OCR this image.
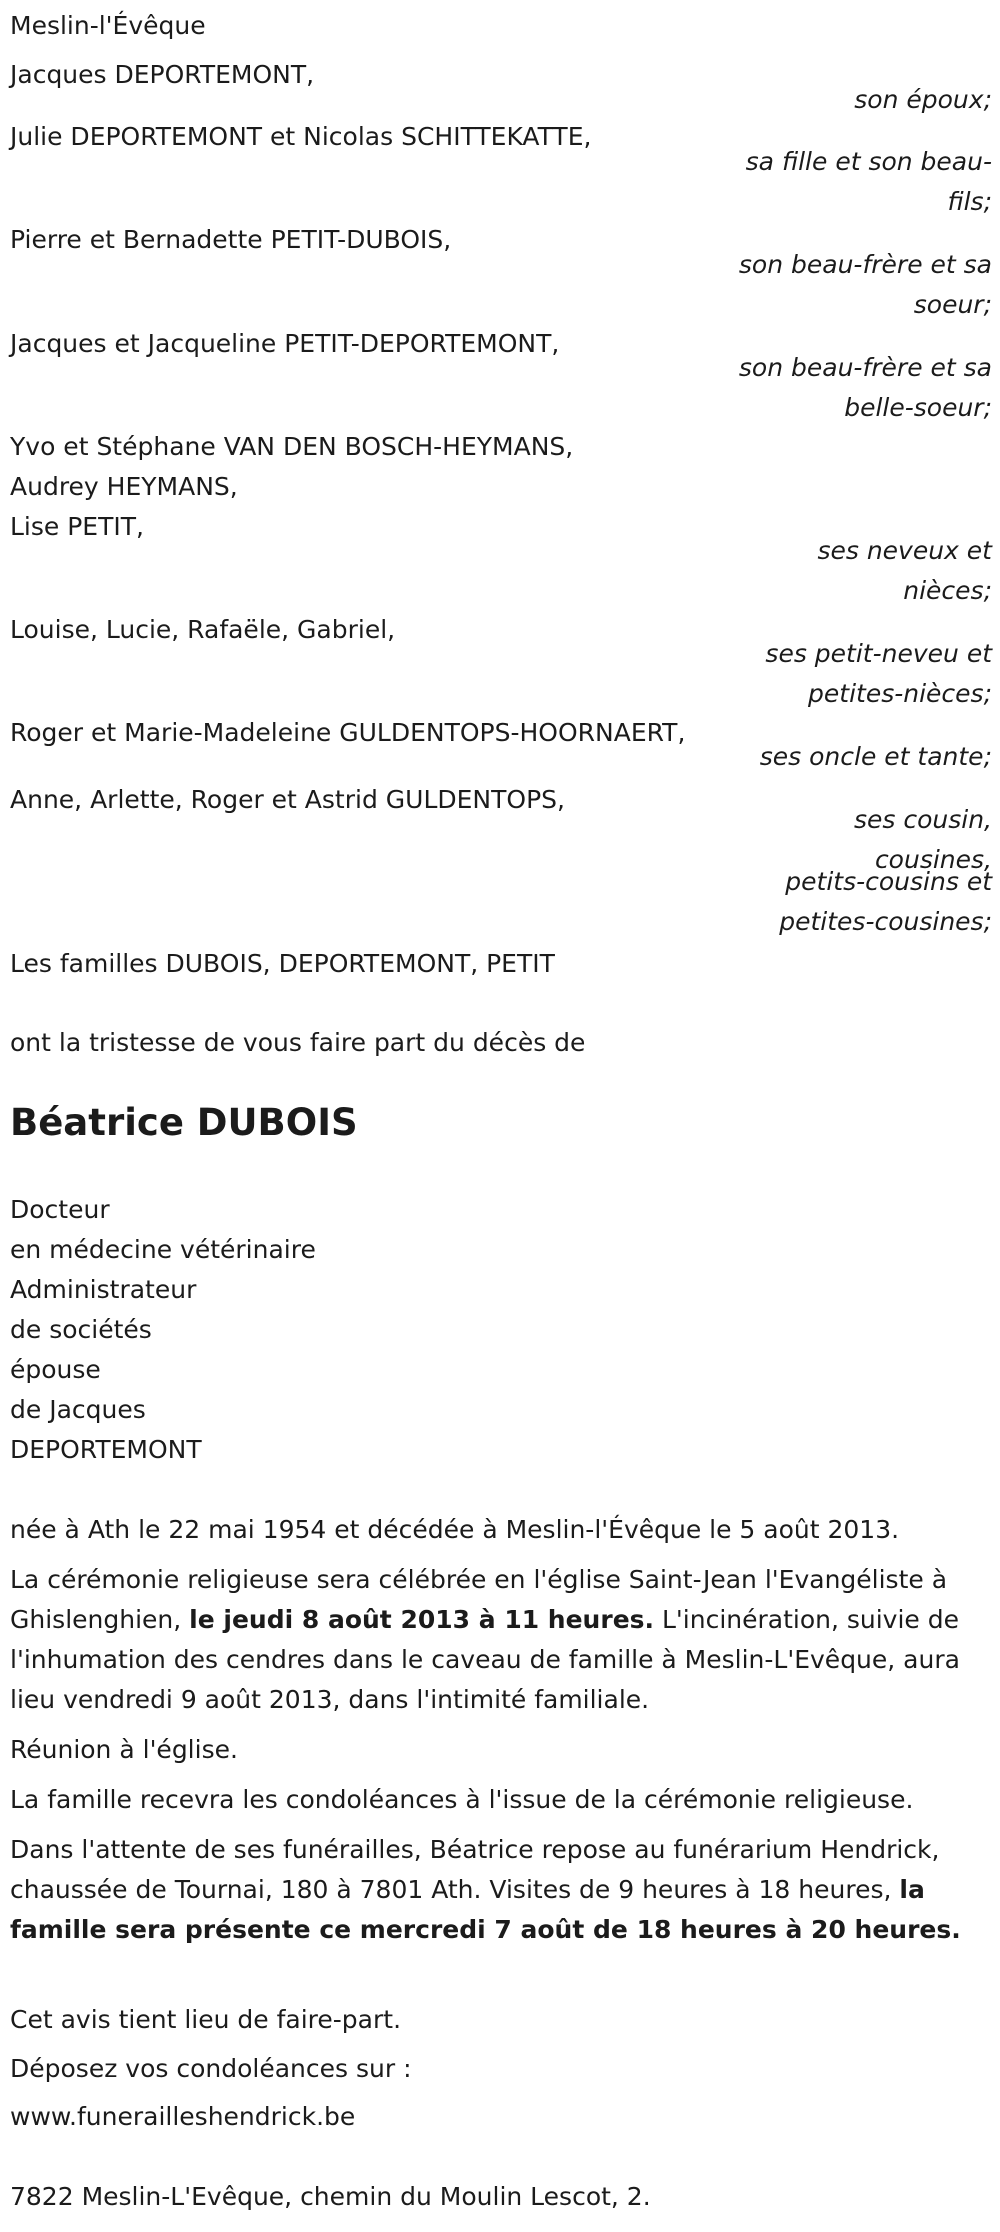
Meslin-l'Évêque

Jacques DEPORTEMONT,

son époux;

Julie DEPORTEMONT et Nicolas SCHITTEKATTE,

sa fille et son beau-fils;

Pierre et Bernadette PETIT-DUBOIS,

son beau-frère et sa soeur;

Jacques et Jacqueline PETIT-DEPORTEMONT,

son beau-frère et sa belle-soeur;

Yvo et Stéphane VAN DEN BOSCH-HEYMANS,

Audrey HEYMANS,

Lise PETIT,

ses neveux et nièces;

Louise, Lucie, Rafaële, Gabriel,

ses petit-neveu et petites-nièces;

Roger et Marie-Madeleine GULDENTOPS-HOORNAERT,

ses oncle et tante;

Anne, Arlette, Roger et Astrid GULDENTOPS,

ses cousin, cousines,

petits-cousins et petites-cousines;

Les familles DUBOIS, DEPORTEMONT, PETIT

ont la tristesse de vous faire part du décès de

Béatrice DUBOIS

Docteur

en médecine vétérinaire

Administrateur

de sociétés

épouse

de Jacques

DEPORTEMONT

née à Ath le 22 mai 1954 et décédée à Meslin-l'Évêque le 5 août 2013.

La cérémonie religieuse sera célébrée en l'église Saint-Jean l'Evangéliste à Ghislenghien, le jeudi 8 août 2013 à 11 heures. L'incinération, suivie de l'inhumation des cendres dans le caveau de famille à Meslin-L'Evêque, aura lieu vendredi 9 août 2013, dans l'intimité familiale.

Réunion à l'église.

La famille recevra les condoléances à l'issue de la cérémonie religieuse.

Dans l'attente de ses funérailles, Béatrice repose au funérarium Hendrick, chaussée de Tournai, 180 à 7801 Ath. Visites de 9 heures à 18 heures, la famille sera présente ce mercredi 7 août de 18 heures à 20 heures.

Cet avis tient lieu de faire-part.

Déposez vos condoléances sur :

www.funerailleshendrick.be

7822 Meslin-L'Evêque, chemin du Moulin Lescot, 2.
